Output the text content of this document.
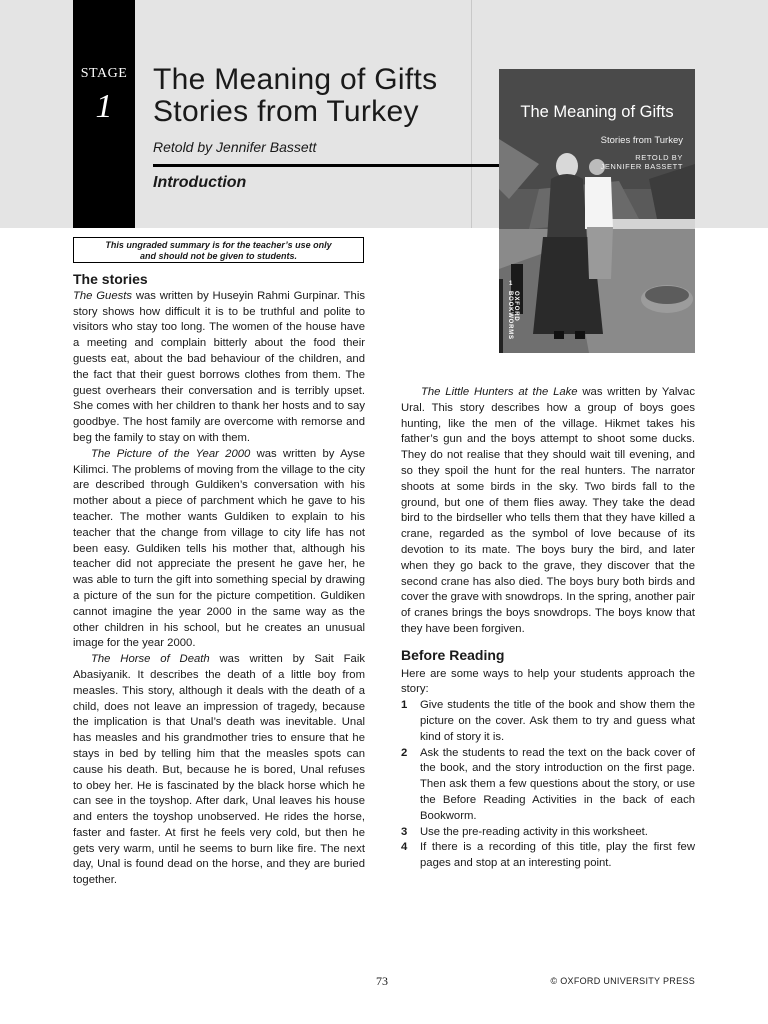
STAGE
1
The Meaning of Gifts
Stories from Turkey
Retold by Jennifer Bassett
Introduction
The Meaning of Gifts
Stories from Turkey
RETOLD BY JENNIFER BASSETT
1
OXFORD BOOKWORMS
This ungraded summary is for the teacher’s use only
and should not be given to students.
The stories

The Guests was written by Huseyin Rahmi Gurpinar. This story shows how difficult it is to be truthful and polite to visitors who stay too long. The women of the house have a meeting and complain bitterly about the food their guests eat, about the bad behaviour of the children, and the fact that their guest borrows clothes from them. The guest overhears their conversation and is terribly upset. She comes with her children to thank her hosts and to say goodbye. The host family are overcome with remorse and beg the family to stay on with them.

The Picture of the Year 2000 was written by Ayse Kilimci. The problems of moving from the village to the city are described through Guldiken’s conversation with his mother about a piece of parchment which he gave to his teacher. The mother wants Guldiken to explain to his teacher that the change from village to city life has not been easy. Guldiken tells his mother that, although his teacher did not appreciate the present he gave her, he was able to turn the gift into something special by drawing a picture of the sun for the picture competition. Guldiken cannot imagine the year 2000 in the same way as the other children in his school, but he creates an unusual image for the year 2000.

The Horse of Death was written by Sait Faik Abasiyanik. It describes the death of a little boy from measles. This story, although it deals with the death of a child, does not leave an impression of tragedy, because the implication is that Unal’s death was inevitable. Unal has measles and his grandmother tries to ensure that he stays in bed by telling him that the measles spots can cause his death. But, because he is bored, Unal refuses to obey her. He is fascinated by the black horse which he can see in the toyshop. After dark, Unal leaves his house and enters the toyshop unobserved. He rides the horse, faster and faster. At first he feels very cold, but then he gets very warm, until he seems to burn like fire. The next day, Unal is found dead on the horse, and they are buried together.

The Little Hunters at the Lake was written by Yalvac Ural. This story describes how a group of boys goes hunting, like the men of the village. Hikmet takes his father’s gun and the boys attempt to shoot some ducks. They do not realise that they should wait till evening, and so they spoil the hunt for the real hunters. The narrator shoots at some birds in the sky. Two birds fall to the ground, but one of them flies away. They take the dead bird to the birdseller who tells them that they have killed a crane, regarded as the symbol of love because of its devotion to its mate. The boys bury the bird, and later when they go back to the grave, they discover that the second crane has also died. The boys bury both birds and cover the grave with snowdrops. In the spring, another pair of cranes brings the boys snowdrops. The boys know that they have been forgiven.

Before Reading

Here are some ways to help your students approach the story:

1 Give students the title of the book and show them the picture on the cover. Ask them to try and guess what kind of story it is.
2 Ask the students to read the text on the back cover of the book, and the story introduction on the first page. Then ask them a few questions about the story, or use the Before Reading Activities in the back of each Bookworm.
3 Use the pre-reading activity in this worksheet.
4 If there is a recording of this title, play the first few pages and stop at an interesting point.
73	© OXFORD UNIVERSITY PRESS
